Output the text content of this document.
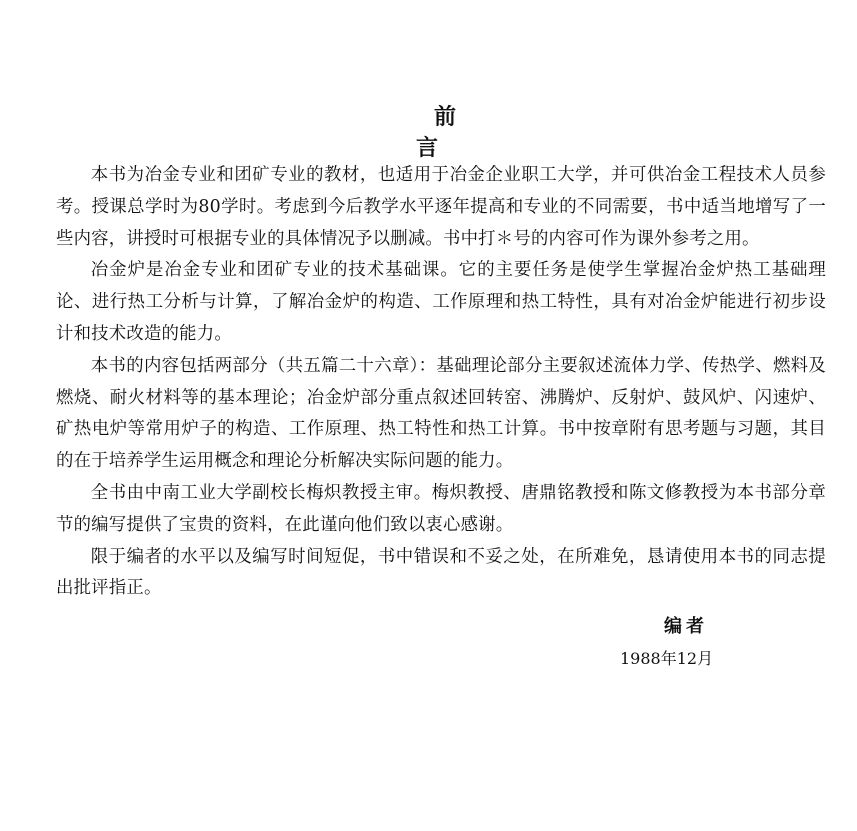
前 言

本书为冶金专业和团矿专业的教材，也适用于冶金企业职工大学，并可供冶金工程技术人员参考。授课总学时为80学时。考虑到今后教学水平逐年提高和专业的不同需要，书中适当地增写了一些内容，讲授时可根据专业的具体情况予以删减。书中打＊号的内容可作为课外参考之用。

冶金炉是冶金专业和团矿专业的技术基础课。它的主要任务是使学生掌握冶金炉热工基础理论、进行热工分析与计算，了解冶金炉的构造、工作原理和热工特性，具有对冶金炉能进行初步设计和技术改造的能力。

本书的内容包括两部分（共五篇二十六章）：基础理论部分主要叙述流体力学、传热学、燃料及燃烧、耐火材料等的基本理论；冶金炉部分重点叙述回转窑、沸腾炉、反射炉、鼓风炉、闪速炉、矿热电炉等常用炉子的构造、工作原理、热工特性和热工计算。书中按章附有思考题与习题，其目的在于培养学生运用概念和理论分析解决实际问题的能力。

全书由中南工业大学副校长梅炽教授主审。梅炽教授、唐鼎铭教授和陈文修教授为本书部分章节的编写提供了宝贵的资料，在此谨向他们致以衷心感谢。

限于编者的水平以及编写时间短促，书中错误和不妥之处，在所难免，恳请使用本书的同志提出批评指正。

编者

1988年12月
